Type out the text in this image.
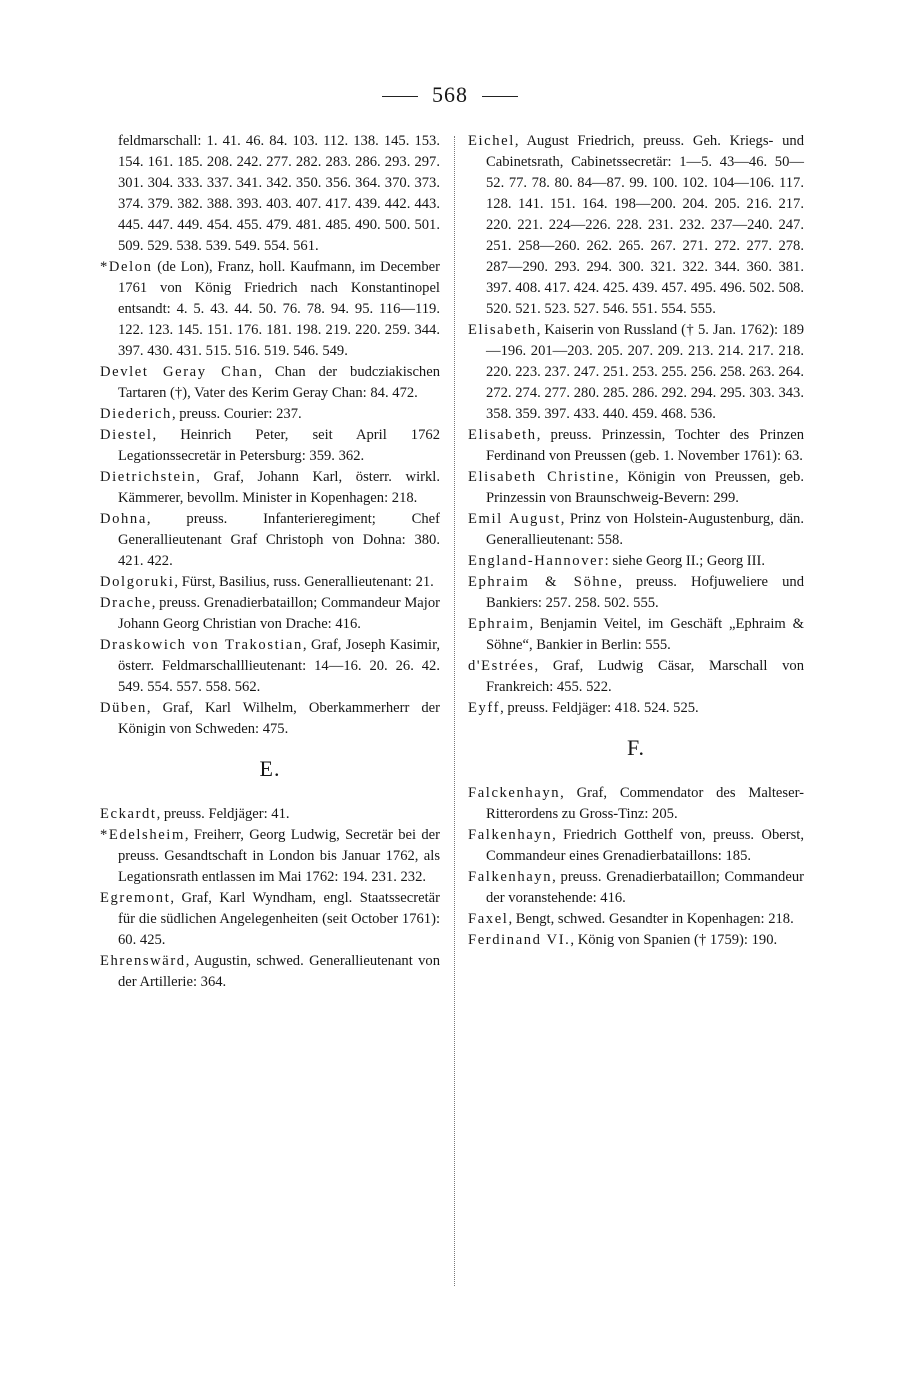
568

feldmarschall: 1. 41. 46. 84. 103. 112. 138. 145. 153. 154. 161. 185. 208. 242. 277. 282. 283. 286. 293. 297. 301. 304. 333. 337. 341. 342. 350. 356. 364. 370. 373. 374. 379. 382. 388. 393. 403. 407. 417. 439. 442. 443. 445. 447. 449. 454. 455. 479. 481. 485. 490. 500. 501. 509. 529. 538. 539. 549. 554. 561.

*Delon (de Lon), Franz, holl. Kaufmann, im December 1761 von König Friedrich nach Konstantinopel entsandt: 4. 5. 43. 44. 50. 76. 78. 94. 95. 116—119. 122. 123. 145. 151. 176. 181. 198. 219. 220. 259. 344. 397. 430. 431. 515. 516. 519. 546. 549.

Devlet Geray Chan, Chan der budcziakischen Tartaren (†), Vater des Kerim Geray Chan: 84. 472.

Diederich, preuss. Courier: 237.

Diestel, Heinrich Peter, seit April 1762 Legationssecretär in Petersburg: 359. 362.

Dietrichstein, Graf, Johann Karl, österr. wirkl. Kämmerer, bevollm. Minister in Kopenhagen: 218.

Dohna, preuss. Infanterieregiment; Chef Generallieutenant Graf Christoph von Dohna: 380. 421. 422.

Dolgoruki, Fürst, Basilius, russ. Generallieutenant: 21.

Drache, preuss. Grenadierbataillon; Commandeur Major Johann Georg Christian von Drache: 416.

Draskowich von Trakostian, Graf, Joseph Kasimir, österr. Feldmarschalllieutenant: 14—16. 20. 26. 42. 549. 554. 557. 558. 562.

Düben, Graf, Karl Wilhelm, Oberkammerherr der Königin von Schweden: 475.

E.

Eckardt, preuss. Feldjäger: 41.

*Edelsheim, Freiherr, Georg Ludwig, Secretär bei der preuss. Gesandtschaft in London bis Januar 1762, als Legationsrath entlassen im Mai 1762: 194. 231. 232.

Egremont, Graf, Karl Wyndham, engl. Staatssecretär für die südlichen Angelegenheiten (seit October 1761): 60. 425.

Ehrenswärd, Augustin, schwed. Generallieutenant von der Artillerie: 364.

Eichel, August Friedrich, preuss. Geh. Kriegs- und Cabinetsrath, Cabinetssecretär: 1—5. 43—46. 50—52. 77. 78. 80. 84—87. 99. 100. 102. 104—106. 117. 128. 141. 151. 164. 198—200. 204. 205. 216. 217. 220. 221. 224—226. 228. 231. 232. 237—240. 247. 251. 258—260. 262. 265. 267. 271. 272. 277. 278. 287—290. 293. 294. 300. 321. 322. 344. 360. 381. 397. 408. 417. 424. 425. 439. 457. 495. 496. 502. 508. 520. 521. 523. 527. 546. 551. 554. 555.

Elisabeth, Kaiserin von Russland († 5. Jan. 1762): 189—196. 201—203. 205. 207. 209. 213. 214. 217. 218. 220. 223. 237. 247. 251. 253. 255. 256. 258. 263. 264. 272. 274. 277. 280. 285. 286. 292. 294. 295. 303. 343. 358. 359. 397. 433. 440. 459. 468. 536.

Elisabeth, preuss. Prinzessin, Tochter des Prinzen Ferdinand von Preussen (geb. 1. November 1761): 63.

Elisabeth Christine, Königin von Preussen, geb. Prinzessin von Braunschweig-Bevern: 299.

Emil August, Prinz von Holstein-Augustenburg, dän. Generallieutenant: 558.

England-Hannover: siehe Georg II.; Georg III.

Ephraim & Söhne, preuss. Hofjuweliere und Bankiers: 257. 258. 502. 555.

Ephraim, Benjamin Veitel, im Geschäft „Ephraim & Söhne“, Bankier in Berlin: 555.

d'Estrées, Graf, Ludwig Cäsar, Marschall von Frankreich: 455. 522.

Eyff, preuss. Feldjäger: 418. 524. 525.

F.

Falckenhayn, Graf, Commendator des Malteser-Ritterordens zu Gross-Tinz: 205.

Falkenhayn, Friedrich Gotthelf von, preuss. Oberst, Commandeur eines Grenadierbataillons: 185.

Falkenhayn, preuss. Grenadierbataillon; Commandeur der voranstehende: 416.

Faxel, Bengt, schwed. Gesandter in Kopenhagen: 218.

Ferdinand VI., König von Spanien († 1759): 190.
